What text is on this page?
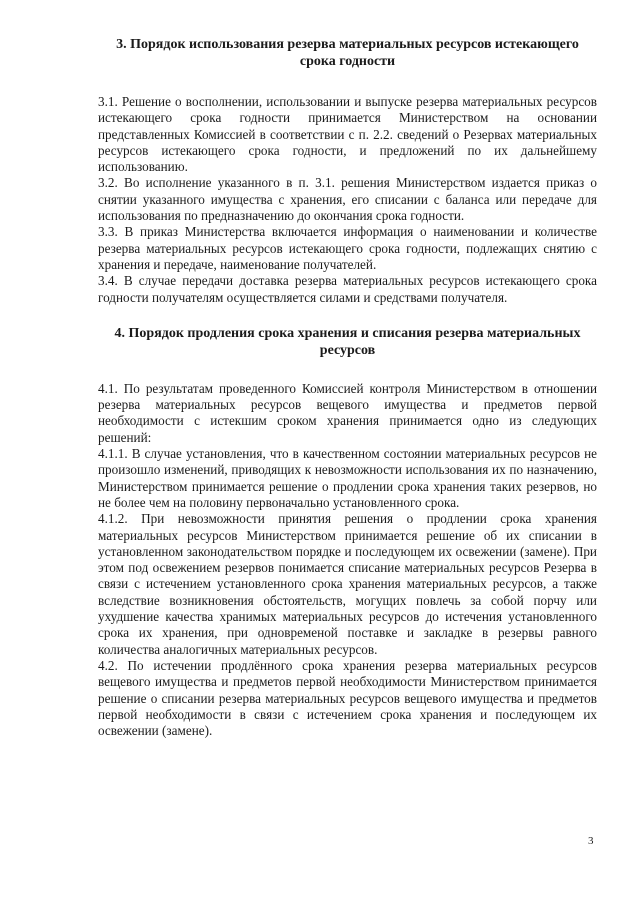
3. Порядок использования резерва материальных ресурсов истекающего срока годности

3.1. Решение о восполнении, использовании и выпуске резерва материальных ресурсов истекающего срока годности принимается Министерством на основании представленных Комиссией в соответствии с п. 2.2. сведений о Резервах материальных ресурсов истекающего срока годности, и предложений по их дальнейшему использованию.

3.2. Во исполнение указанного в п. 3.1. решения Министерством издается приказ о снятии указанного имущества с хранения, его списании с баланса или передаче для использования по предназначению до окончания срока годности.

3.3. В приказ Министерства включается информация о наименовании и количестве резерва материальных ресурсов истекающего срока годности, подлежащих снятию с хранения и передаче, наименование получателей.

3.4. В случае передачи доставка резерва материальных ресурсов истекающего срока годности получателям осуществляется силами и средствами получателя.

4. Порядок продления срока хранения и списания резерва материальных ресурсов

4.1. По результатам проведенного Комиссией контроля Министерством в отношении резерва материальных ресурсов вещевого имущества и предметов первой необходимости с истекшим сроком хранения принимается одно из следующих решений:

4.1.1. В случае установления, что в качественном состоянии материальных ресурсов не произошло изменений, приводящих к невозможности использования их по назначению, Министерством принимается решение о продлении срока хранения таких резервов, но не более чем на половину первоначально установленного срока.

4.1.2. При невозможности принятия решения о продлении срока хранения материальных ресурсов Министерством принимается решение об их списании в установленном законодательством порядке и последующем их освежении (замене). При этом под освежением резервов понимается списание материальных ресурсов Резерва в связи с истечением установленного срока хранения материальных ресурсов, а также вследствие возникновения обстоятельств, могущих повлечь за собой порчу или ухудшение качества хранимых материальных ресурсов до истечения установленного срока их хранения, при одновременой поставке и закладке в резервы равного количества аналогичных материальных ресурсов.

4.2. По истечении продлённого срока хранения резерва материальных ресурсов вещевого имущества и предметов первой необходимости Министерством принимается решение о списании резерва материальных ресурсов вещевого имущества и предметов первой необходимости в связи с истечением срока хранения и последующем их освежении (замене).

3
